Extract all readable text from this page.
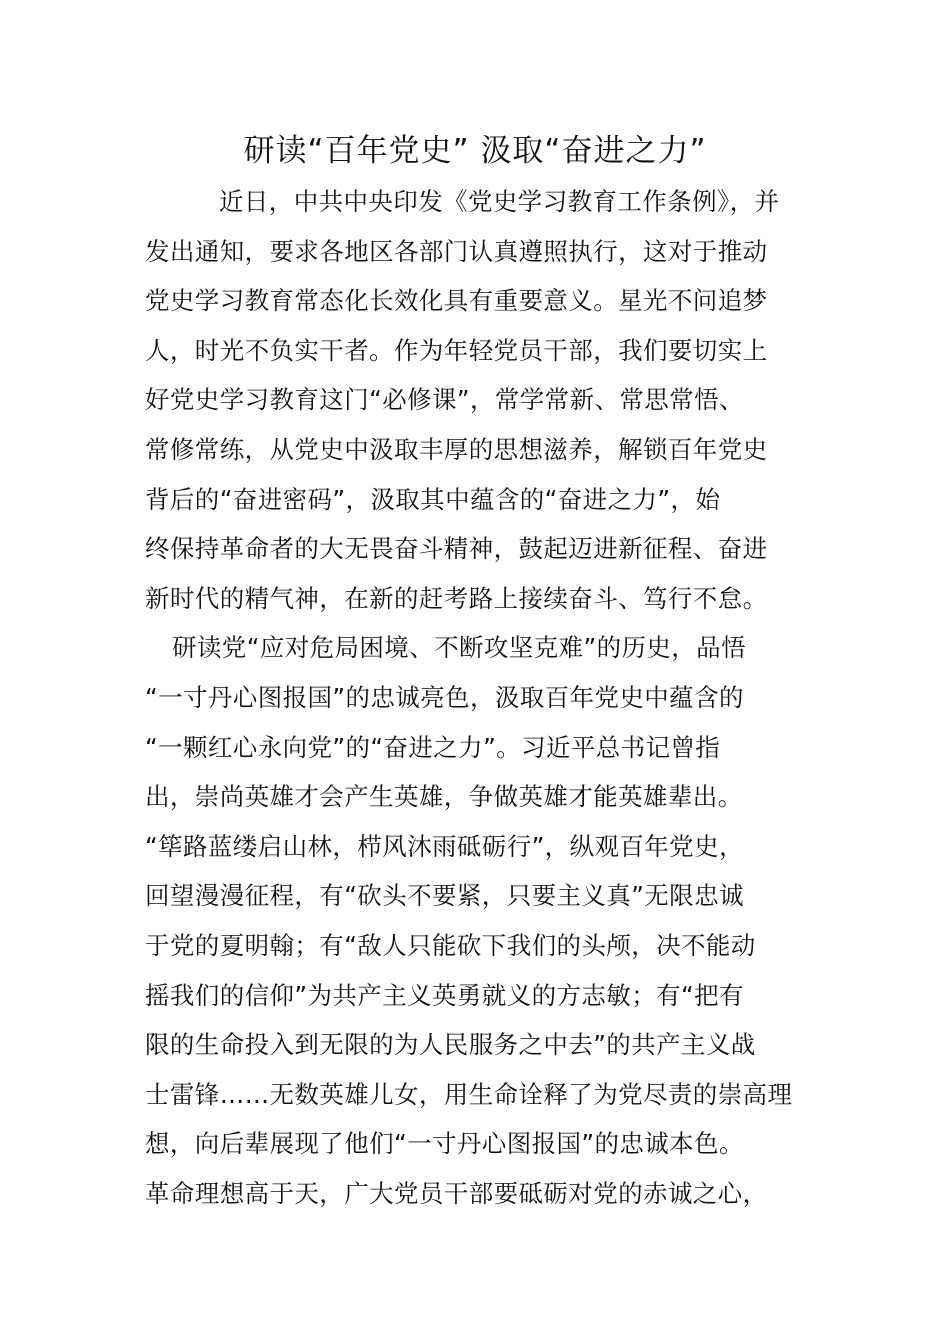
研读“百年党史” 汲取“奋进之力”
近日，中共中央印发《党史学习教育工作条例》，并
发出通知，要求各地区各部门认真遵照执行，这对于推动
党史学习教育常态化长效化具有重要意义。星光不问追梦
人，时光不负实干者。作为年轻党员干部，我们要切实上
好党史学习教育这门“必修课”，常学常新、常思常悟、
常修常练，从党史中汲取丰厚的思想滋养，解锁百年党史
背后的“奋进密码”，汲取其中蕴含的“奋进之力”，始
终保持革命者的大无畏奋斗精神，鼓起迈进新征程、奋进
新时代的精气神，在新的赶考路上接续奋斗、笃行不怠。
研读党“应对危局困境、不断攻坚克难”的历史，品悟
“一寸丹心图报国”的忠诚亮色，汲取百年党史中蕴含的
“一颗红心永向党”的“奋进之力”。习近平总书记曾指
出，崇尚英雄才会产生英雄，争做英雄才能英雄辈出。
“筚路蓝缕启山林，栉风沐雨砥砺行”，纵观百年党史，
回望漫漫征程，有“砍头不要紧，只要主义真”无限忠诚
于党的夏明翰；有“敌人只能砍下我们的头颅，决不能动
摇我们的信仰”为共产主义英勇就义的方志敏；有“把有
限的生命投入到无限的为人民服务之中去”的共产主义战
士雷锋……无数英雄儿女，用生命诠释了为党尽责的崇高理
想，向后辈展现了他们“一寸丹心图报国”的忠诚本色。
革命理想高于天，广大党员干部要砥砺对党的赤诚之心，
